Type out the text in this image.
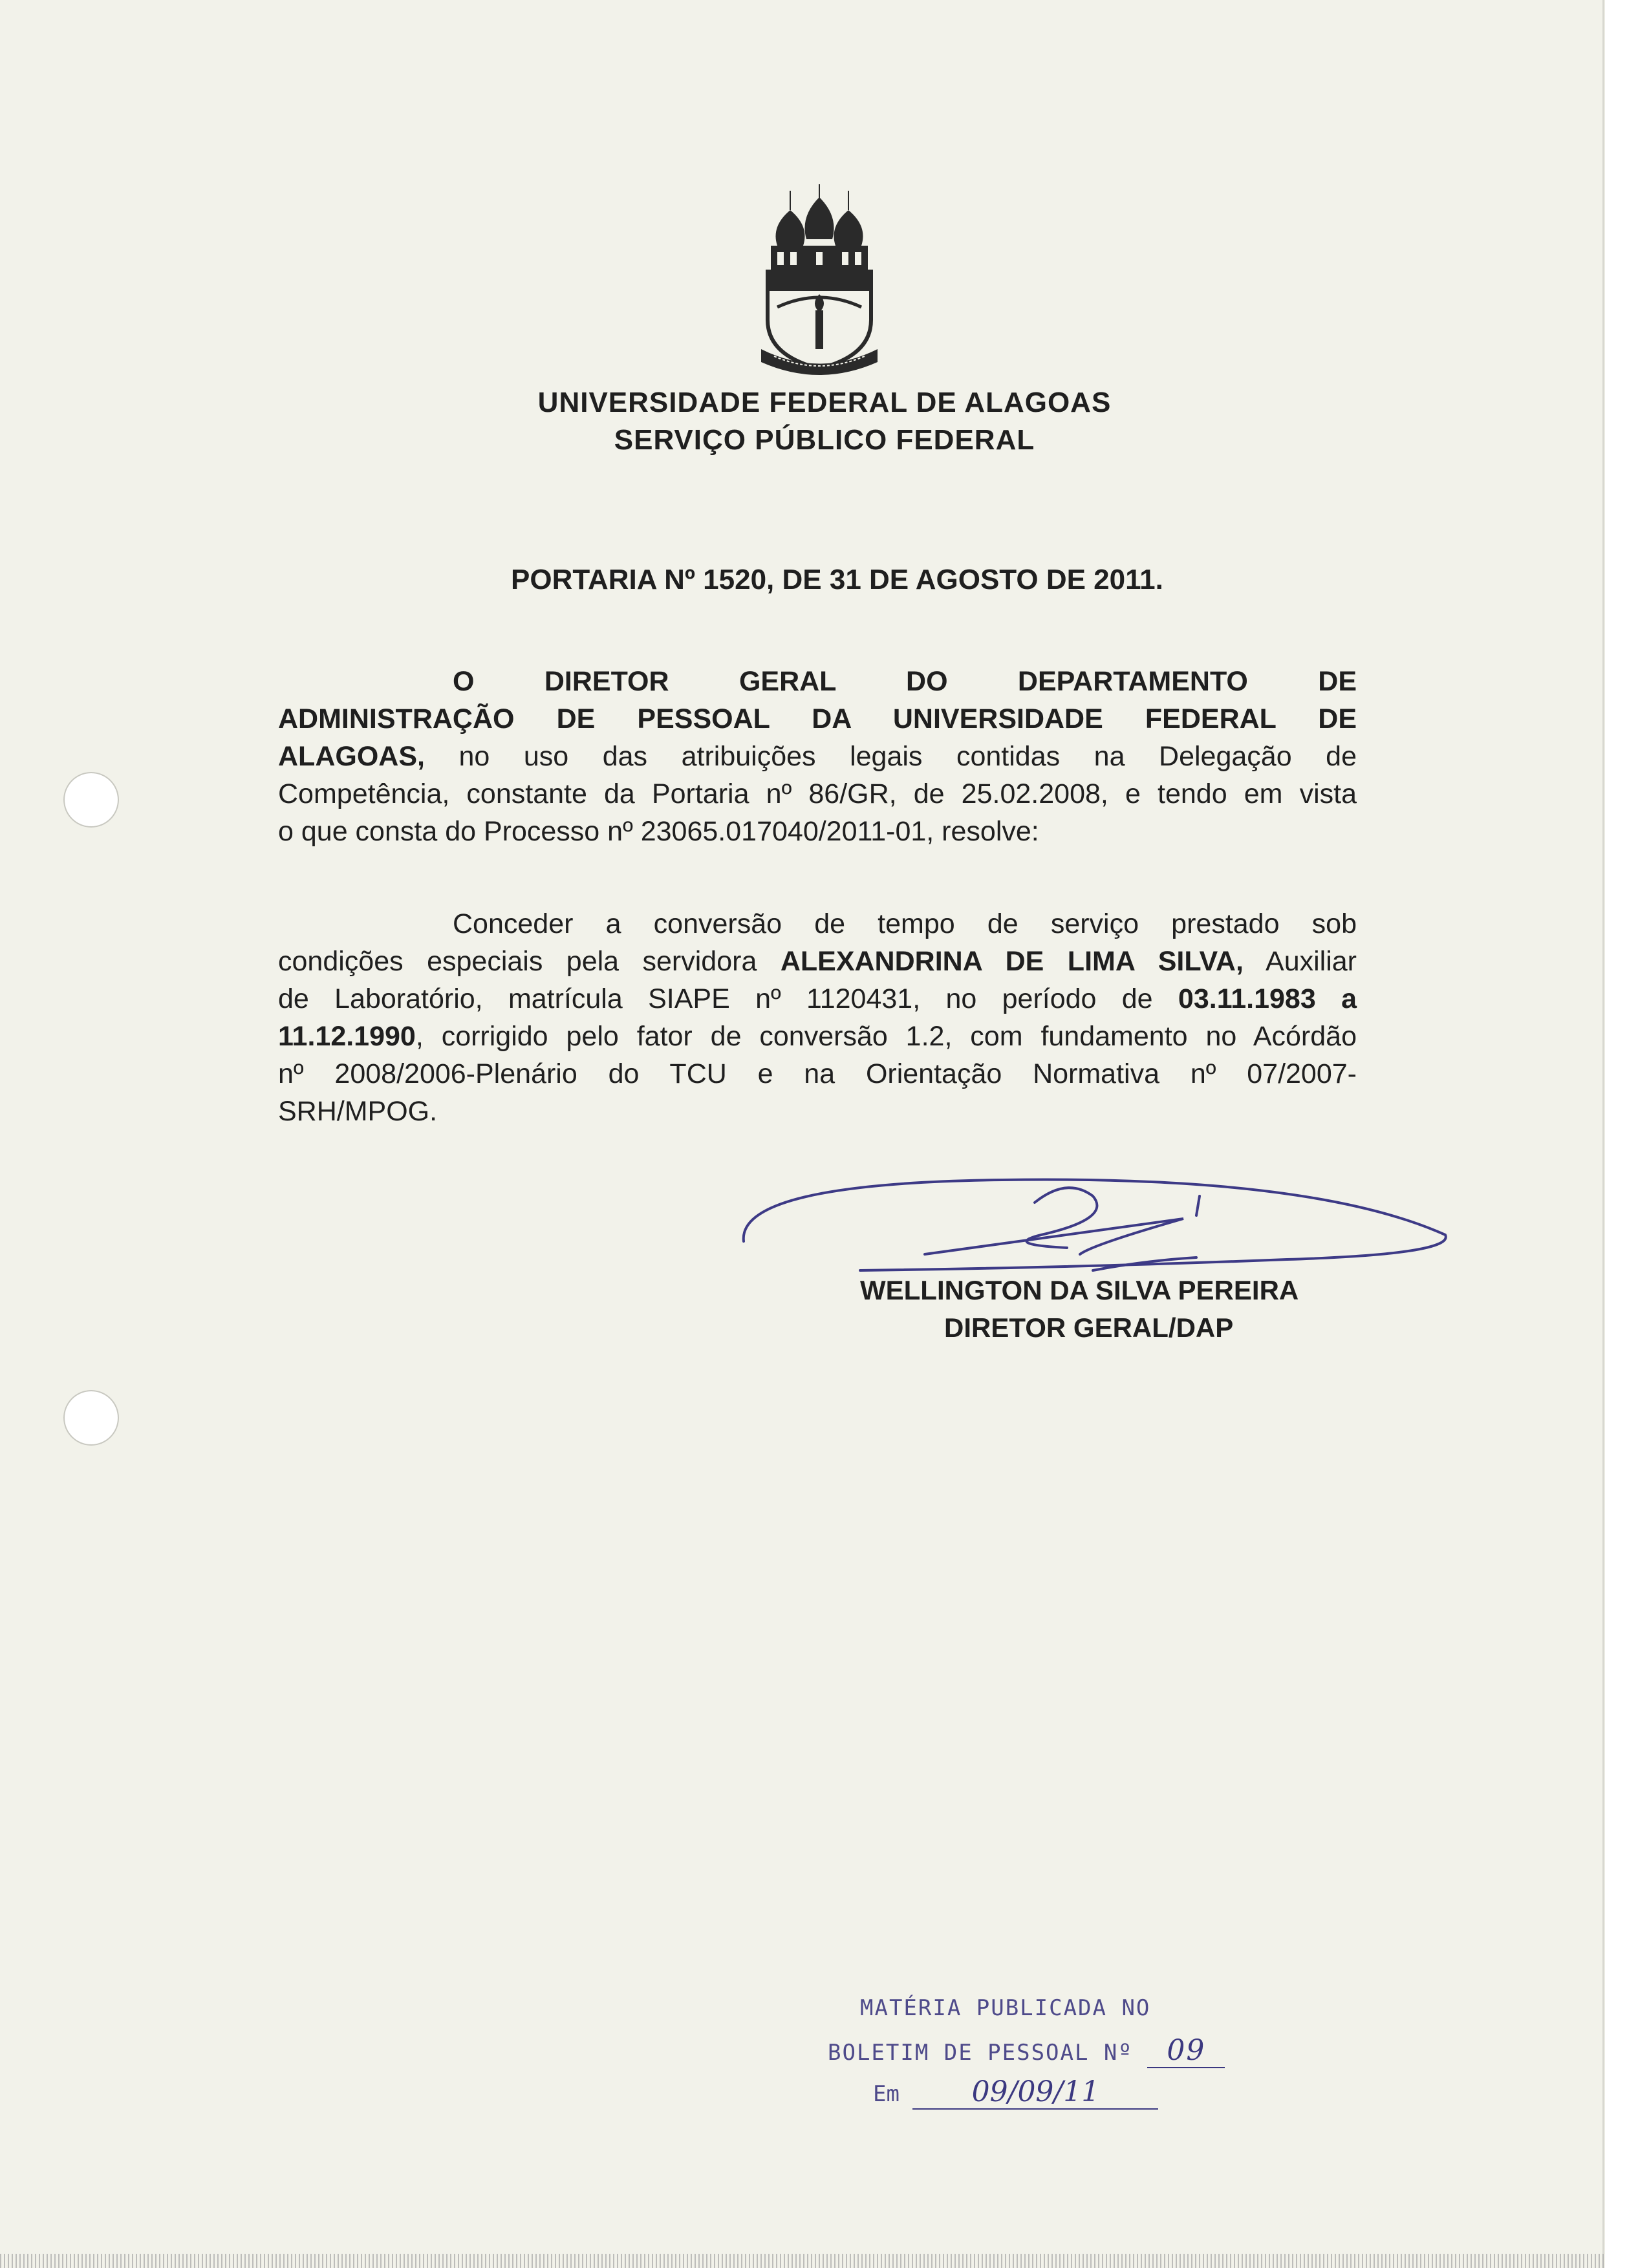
UNIVERSIDADE FEDERAL DE ALAGOAS
SERVIÇO PÚBLICO FEDERAL
PORTARIA Nº 1520, DE 31 DE AGOSTO DE 2011.
O DIRETOR GERAL DO DEPARTAMENTO DE
ADMINISTRAÇÃO DE PESSOAL DA UNIVERSIDADE FEDERAL DE
ALAGOAS, no uso das atribuições legais contidas na Delegação de
Competência, constante da Portaria nº 86/GR, de 25.02.2008, e tendo em vista
o que consta do Processo nº 23065.017040/2011-01, resolve:
Conceder a conversão de tempo de serviço prestado sob
condições especiais pela servidora ALEXANDRINA DE LIMA SILVA, Auxiliar
de Laboratório, matrícula SIAPE nº 1120431, no período de 03.11.1983 a
11.12.1990, corrigido pelo fator de conversão 1.2, com fundamento no Acórdão
nº 2008/2006-Plenário do TCU e na Orientação Normativa nº 07/2007-
SRH/MPOG.
WELLINGTON DA SILVA PEREIRA
DIRETOR GERAL/DAP
MATÉRIA PUBLICADA NO
BOLETIM DE PESSOAL Nº 09
Em	09/09/11
